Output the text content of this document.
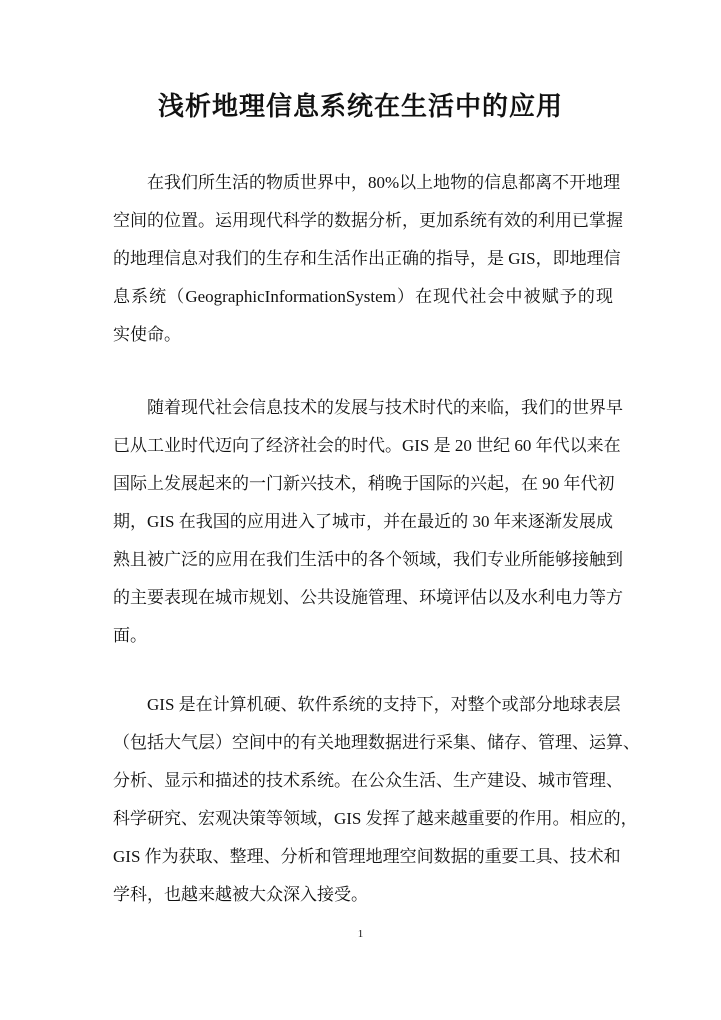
浅析地理信息系统在生活中的应用
在我们所生活的物质世界中，80%以上地物的信息都离不开地理
空间的位置。运用现代科学的数据分析，更加系统有效的利用已掌握
的地理信息对我们的生存和生活作出正确的指导，是 GIS，即地理信
息系统（GeographicInformationSystem）在现代社会中被赋予的现
实使命。
随着现代社会信息技术的发展与技术时代的来临，我们的世界早
已从工业时代迈向了经济社会的时代。GIS 是 20 世纪 60 年代以来在
国际上发展起来的一门新兴技术，稍晚于国际的兴起，在 90 年代初
期，GIS 在我国的应用进入了城市，并在最近的 30 年来逐渐发展成
熟且被广泛的应用在我们生活中的各个领域，我们专业所能够接触到
的主要表现在城市规划、公共设施管理、环境评估以及水利电力等方
面。
GIS 是在计算机硬、软件系统的支持下，对整个或部分地球表层
（包括大气层）空间中的有关地理数据进行采集、储存、管理、运算、
分析、显示和描述的技术系统。在公众生活、生产建设、城市管理、
科学研究、宏观决策等领域，GIS 发挥了越来越重要的作用。相应的，
GIS 作为获取、整理、分析和管理地理空间数据的重要工具、技术和
学科，也越来越被大众深入接受。
1
